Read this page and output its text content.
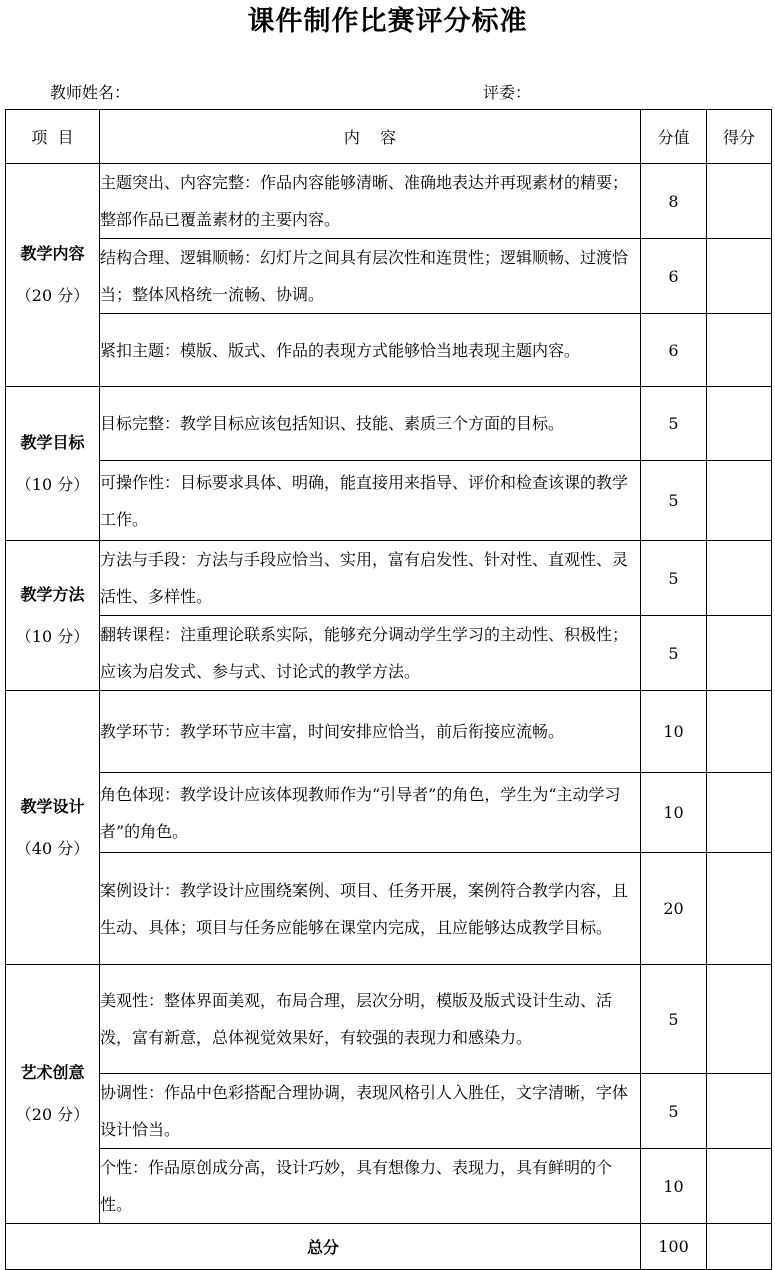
课件制作比赛评分标准
教师姓名：	评委：
项  目	内    容	分值	得分

教学内容
（20 分）	主题突出、内容完整：作品内容能够清晰、准确地表达并再现素材的精要；整部作品已覆盖素材的主要内容。	8	
	结构合理、逻辑顺畅：幻灯片之间具有层次性和连贯性；逻辑顺畅、过渡恰当；整体风格统一流畅、协调。	6	
	紧扣主题：模版、版式、作品的表现方式能够恰当地表现主题内容。	6	

教学目标
（10 分）	目标完整：教学目标应该包括知识、技能、素质三个方面的目标。	5	
	可操作性：目标要求具体、明确，能直接用来指导、评价和检查该课的教学工作。	5	

教学方法
（10 分）	方法与手段：方法与手段应恰当、实用，富有启发性、针对性、直观性、灵活性、多样性。	5	
	翻转课程：注重理论联系实际，能够充分调动学生学习的主动性、积极性；应该为启发式、参与式、讨论式的教学方法。	5	

教学设计
（40 分）	教学环节：教学环节应丰富，时间安排应恰当，前后衔接应流畅。	10	
	角色体现：教学设计应该体现教师作为“引导者”的角色，学生为“主动学习者”的角色。	10	
	案例设计：教学设计应围绕案例、项目、任务开展，案例符合教学内容，且生动、具体；项目与任务应能够在课堂内完成，且应能够达成教学目标。	20	

艺术创意
（20 分）	美观性：整体界面美观，布局合理，层次分明，模版及版式设计生动、活泼，富有新意，总体视觉效果好，有较强的表现力和感染力。	5	
	协调性：作品中色彩搭配合理协调，表现风格引人入胜任，文字清晰，字体设计恰当。	5	
	个性：作品原创成分高，设计巧妙，具有想像力、表现力，具有鲜明的个性。	10	
总分		100	
